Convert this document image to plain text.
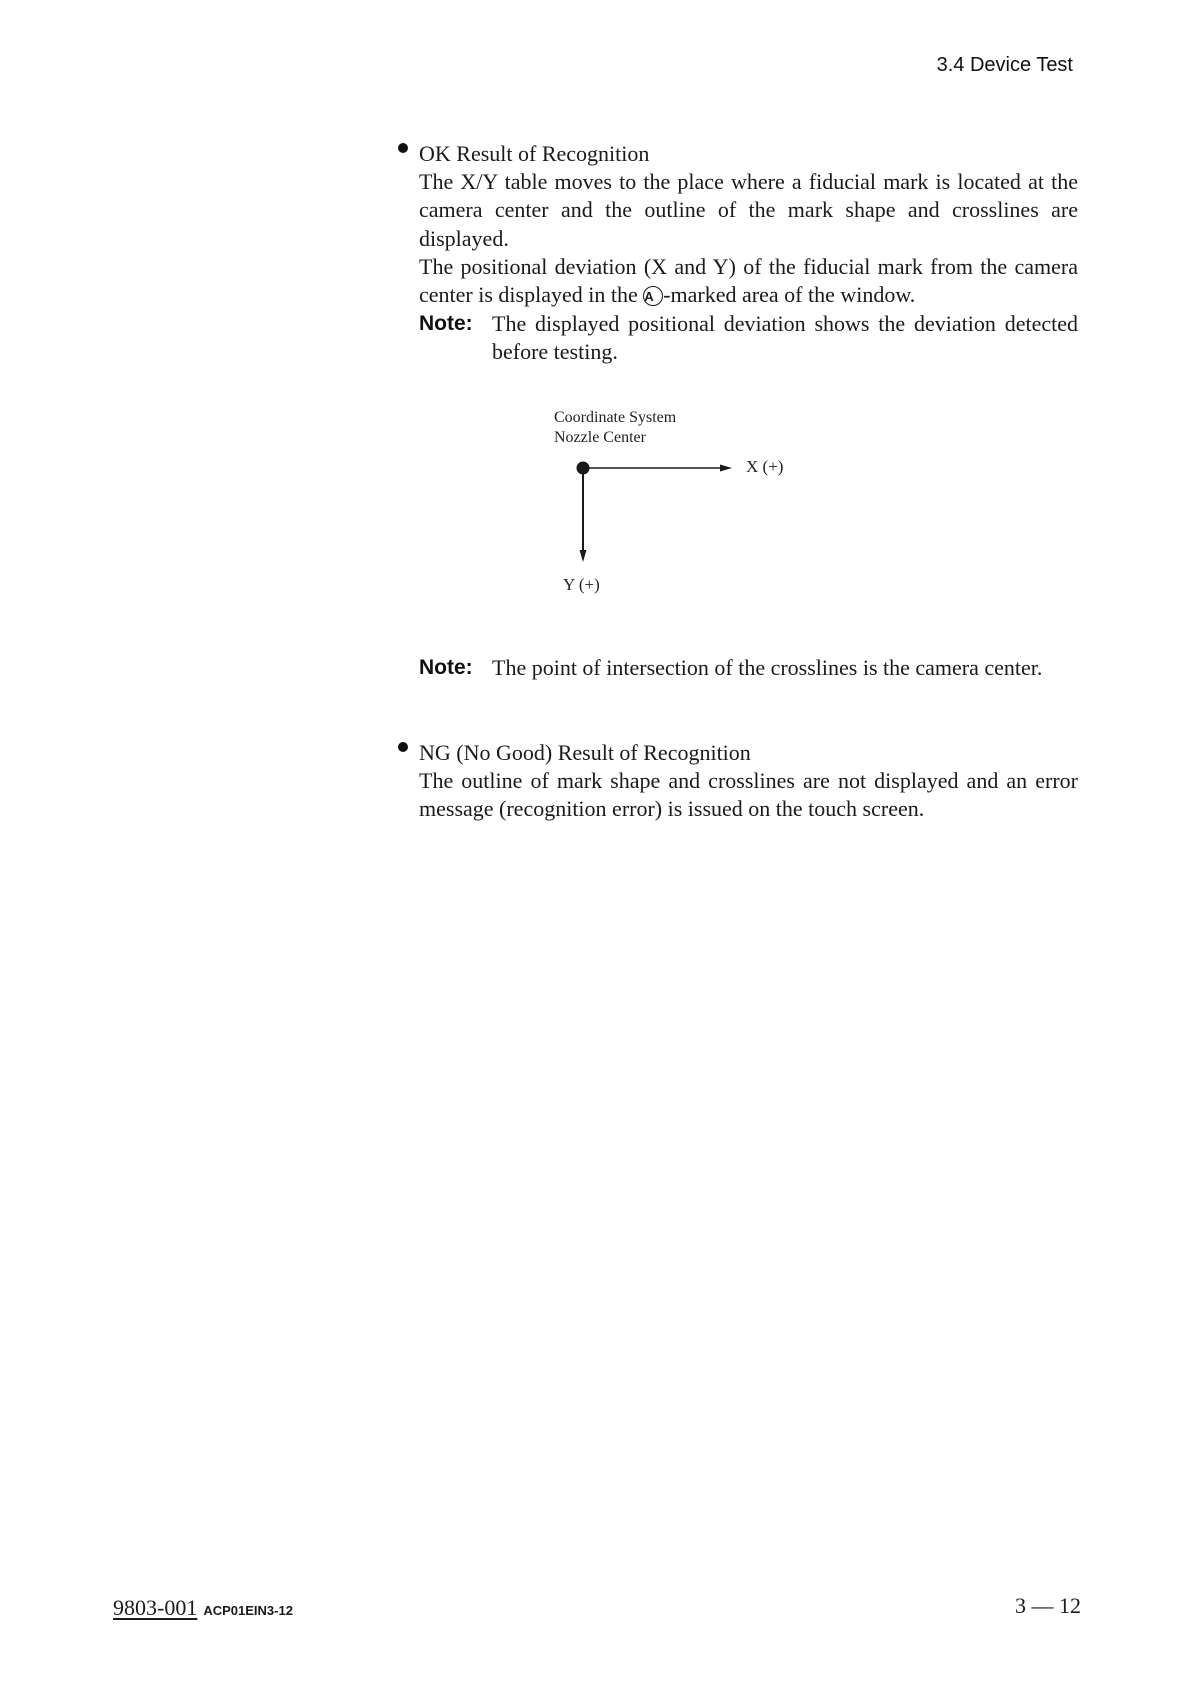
3.4 Device Test
OK Result of Recognition

The X/Y table moves to the place where a fiducial mark is located at the camera center and the outline of the mark shape and crosslines are displayed.

The positional deviation (X and Y) of the fiducial mark from the camera center is displayed in the A -marked area of the window.

Note: The displayed positional deviation shows the deviation detected before testing.
Coordinate System
Nozzle Center
X (+)
Y (+)
Note: The point of intersection of the crosslines is the camera center.
NG (No Good) Result of Recognition

The outline of mark shape and crosslines are not displayed and an error message (recognition error) is issued on the touch screen.

9803-001 ACP01EIN3-12	3 — 12
